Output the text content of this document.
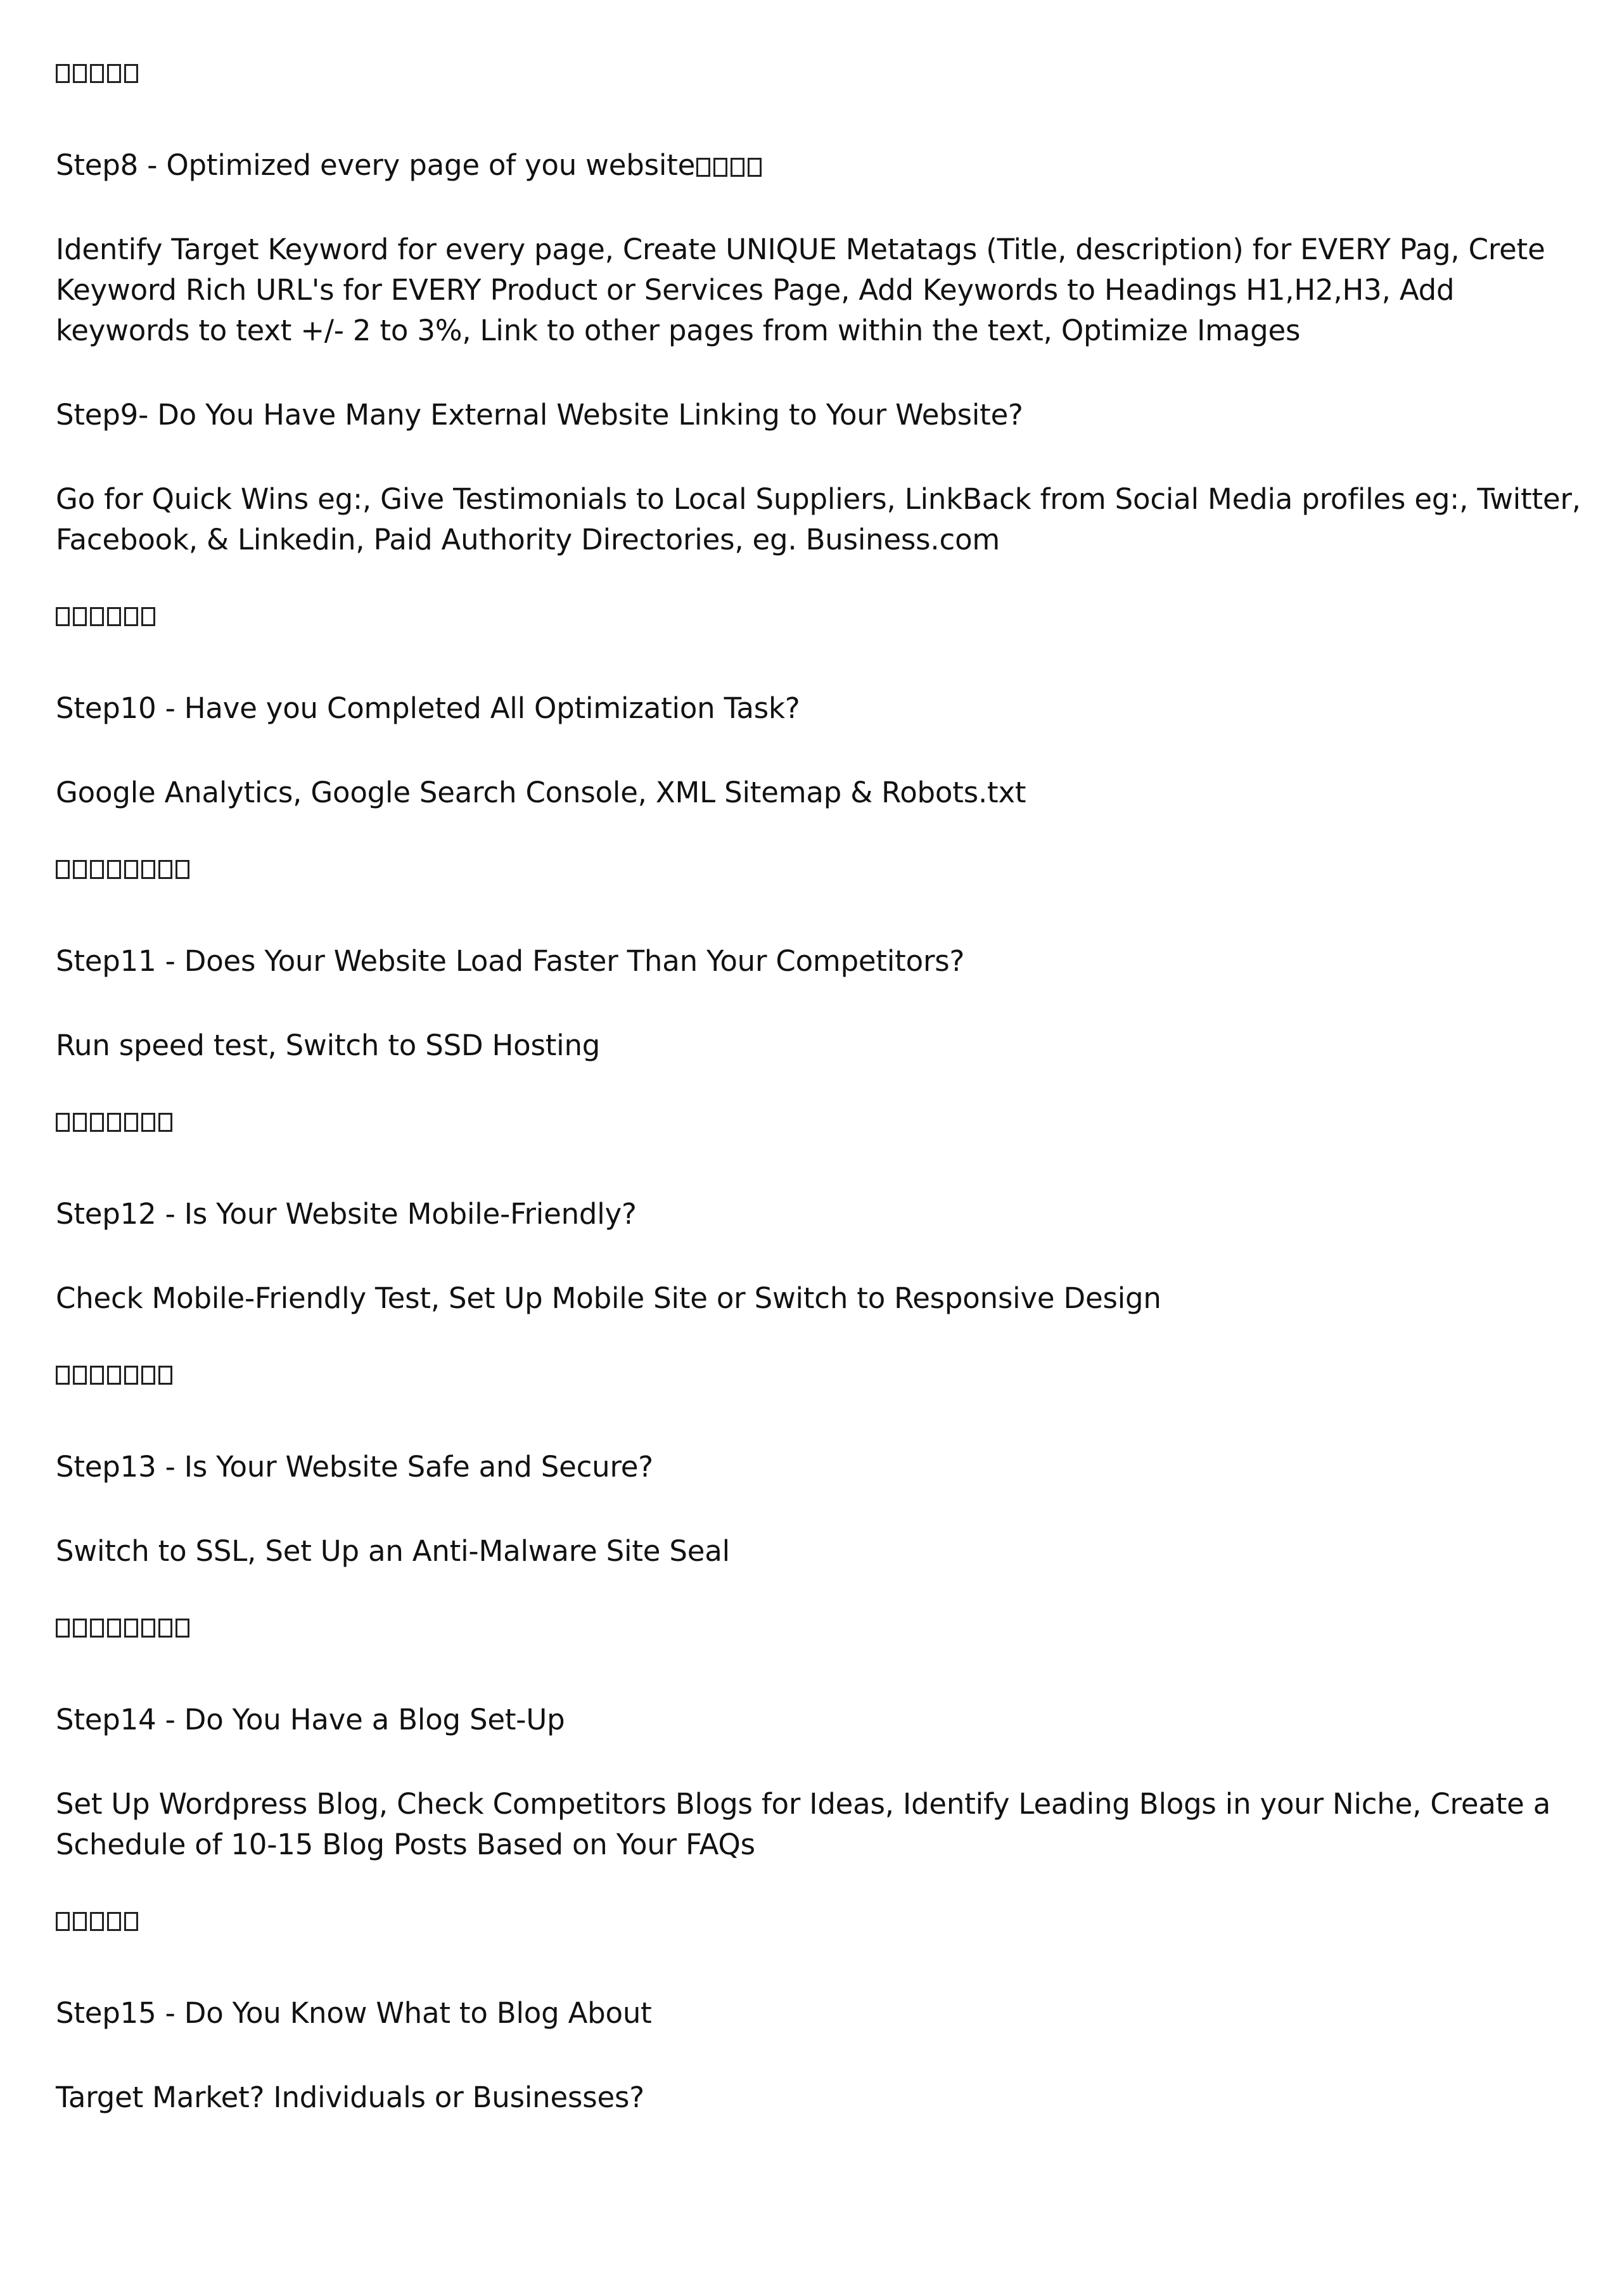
Step8 - Optimized every page of you website

Identify Target Keyword for every page, Create UNIQUE Metatags (Title, description) for EVERY Pag, Crete Keyword Rich URL's for EVERY Product or Services Page, Add Keywords to Headings H1,H2,H3, Add keywords to text +/- 2 to 3%, Link to other pages from within the text, Optimize Images

Step9- Do You Have Many External Website Linking to Your Website?

Go for Quick Wins eg:, Give Testimonials to Local Suppliers, LinkBack from Social Media profiles eg:, Twitter, Facebook, & Linkedin, Paid Authority Directories, eg. Business.com

Step10 - Have you Completed All Optimization Task?

Google Analytics, Google Search Console, XML Sitemap & Robots.txt

Step11 - Does Your Website Load Faster Than Your Competitors?

Run speed test, Switch to SSD Hosting

Step12 - Is Your Website Mobile-Friendly?

Check Mobile-Friendly Test, Set Up Mobile Site or Switch to Responsive Design

Step13 - Is Your Website Safe and Secure?

Switch to SSL, Set Up an Anti-Malware Site Seal

Step14 - Do You Have a Blog Set-Up

Set Up Wordpress Blog, Check Competitors Blogs for Ideas, Identify Leading Blogs in your Niche, Create a Schedule of 10-15 Blog Posts Based on Your FAQs

Step15 - Do You Know What to Blog About

Target Market? Individuals or Businesses?
